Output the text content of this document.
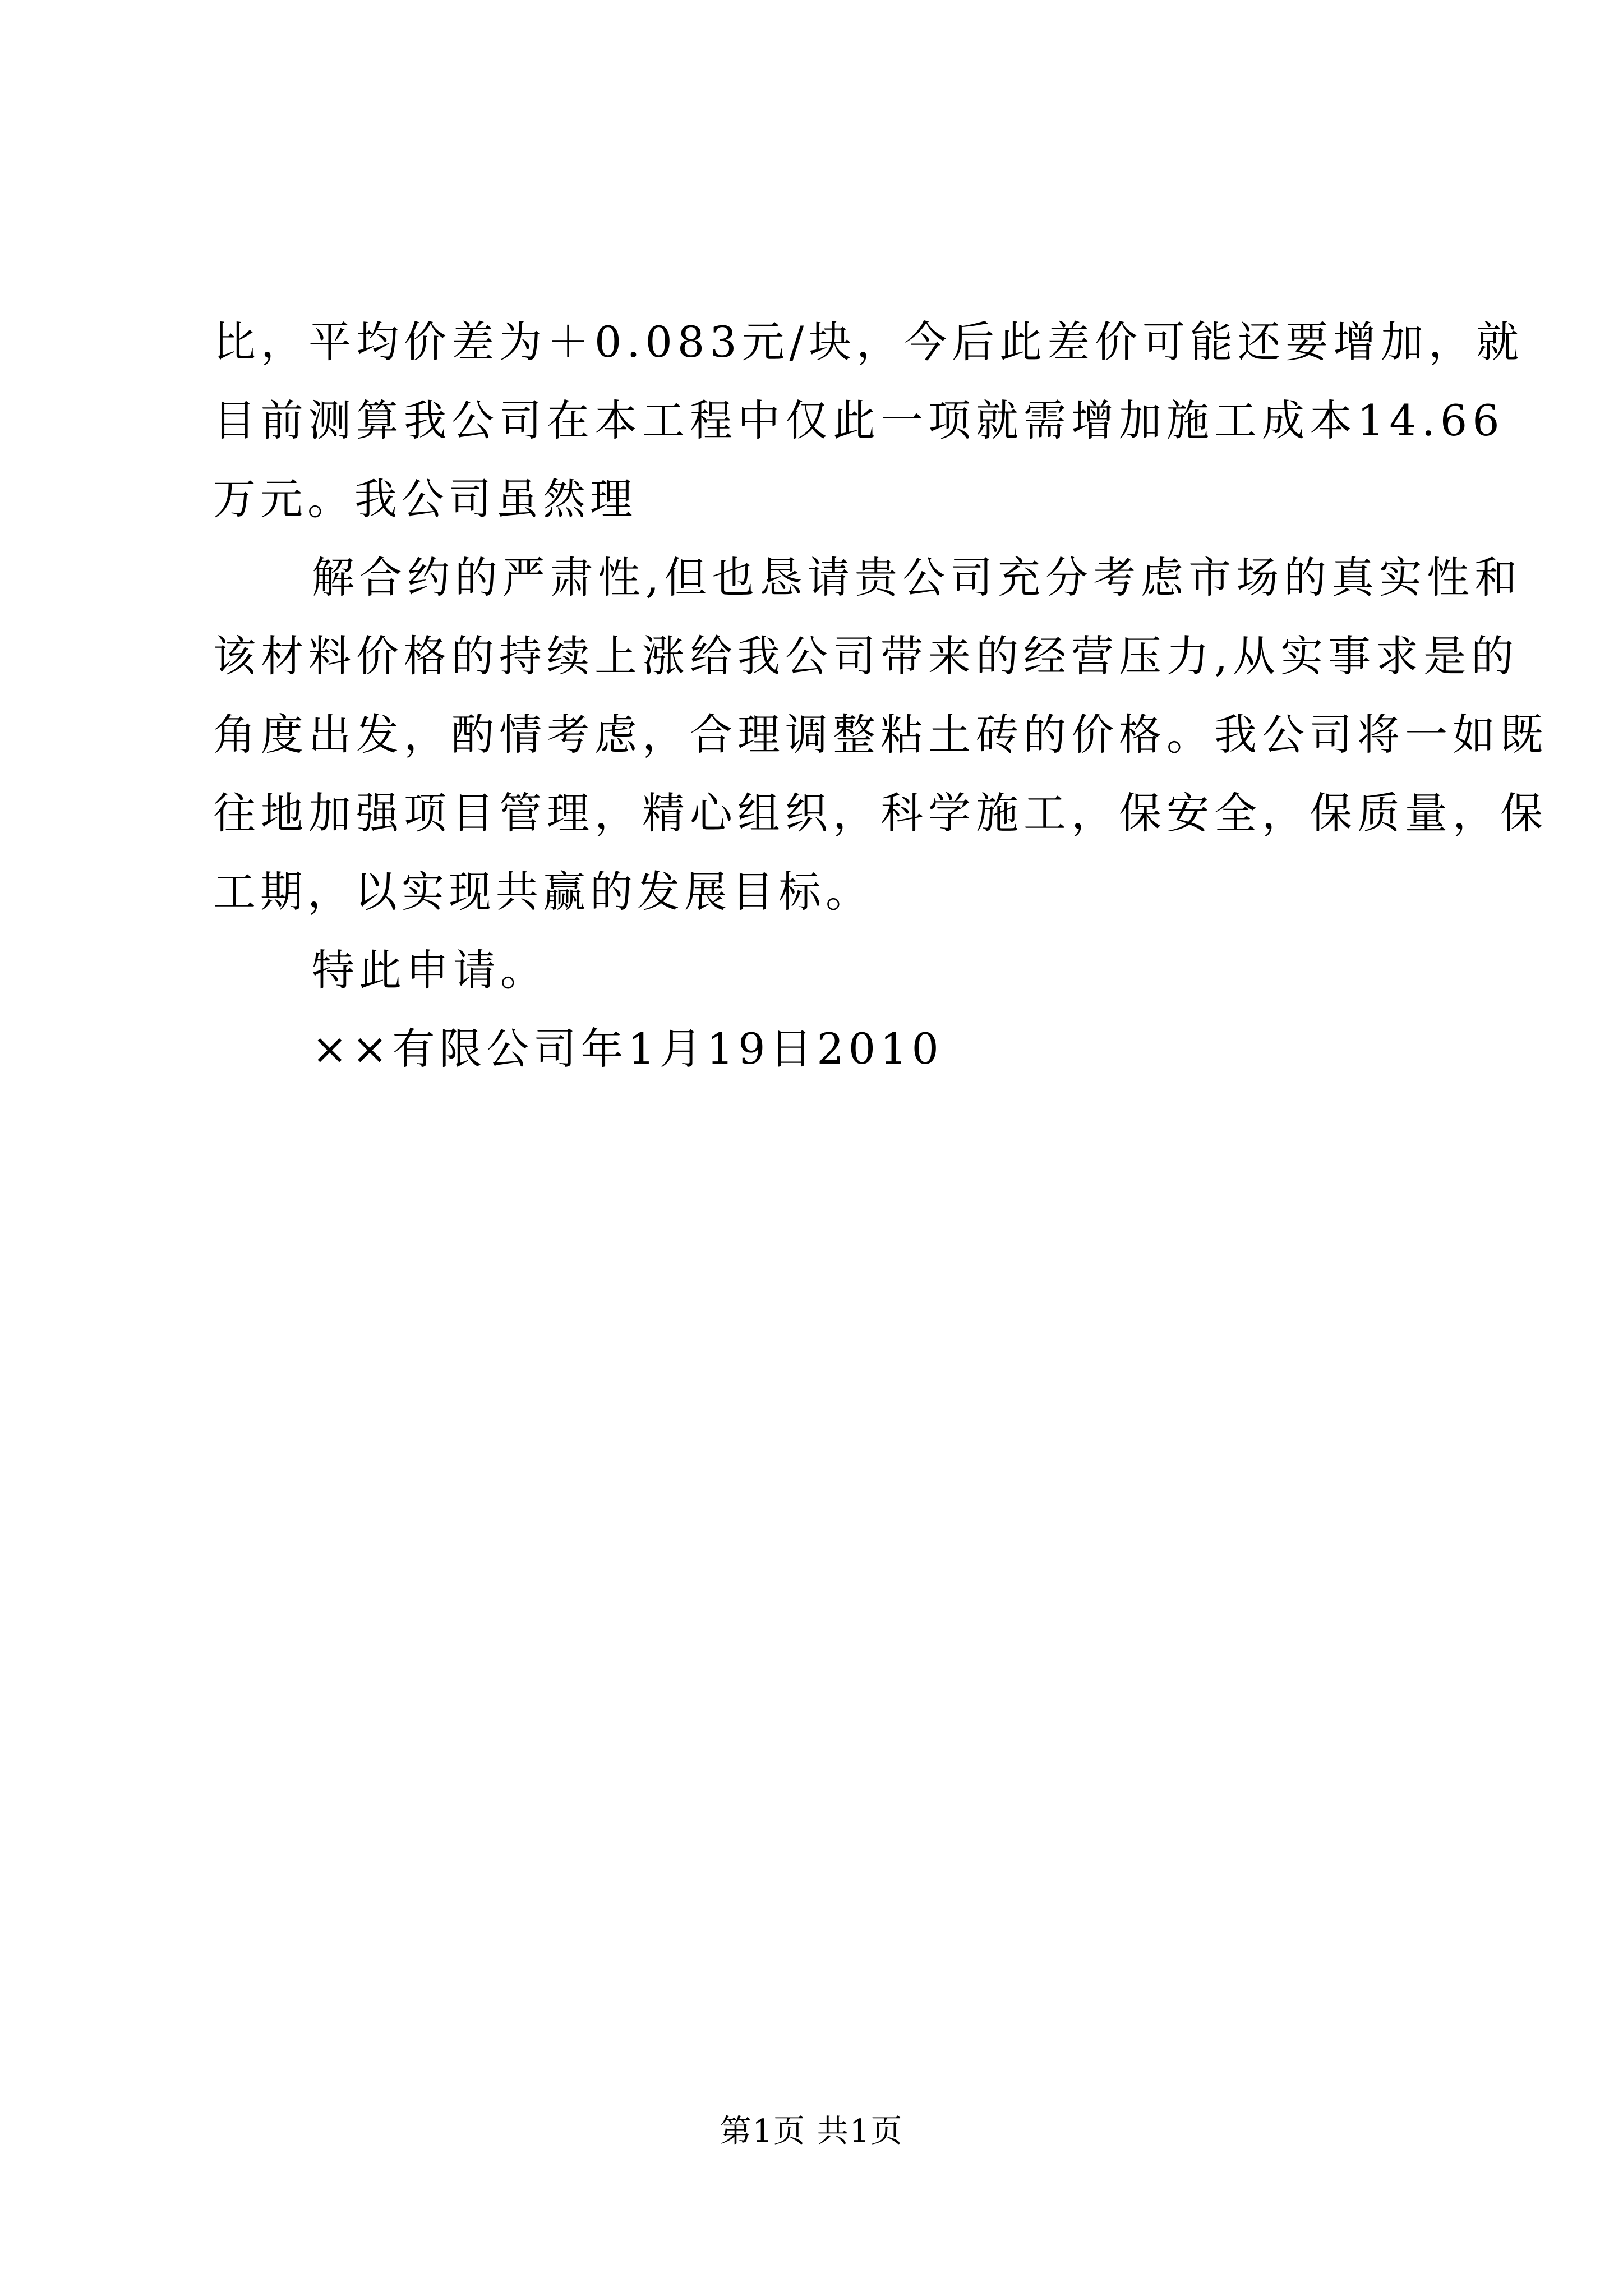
比，平均价差为＋0.083元/块，今后此差价可能还要增加，就
目前测算我公司在本工程中仅此一项就需增加施工成本14.66
万元。我公司虽然理
解合约的严肃性,但也恳请贵公司充分考虑市场的真实性和
该材料价格的持续上涨给我公司带来的经营压力,从实事求是的
角度出发，酌情考虑，合理调整粘土砖的价格。我公司将一如既
往地加强项目管理，精心组织，科学施工，保安全，保质量，保
工期，以实现共赢的发展目标。
特此申请。
××有限公司年1月19日2010
第1页 共1页
